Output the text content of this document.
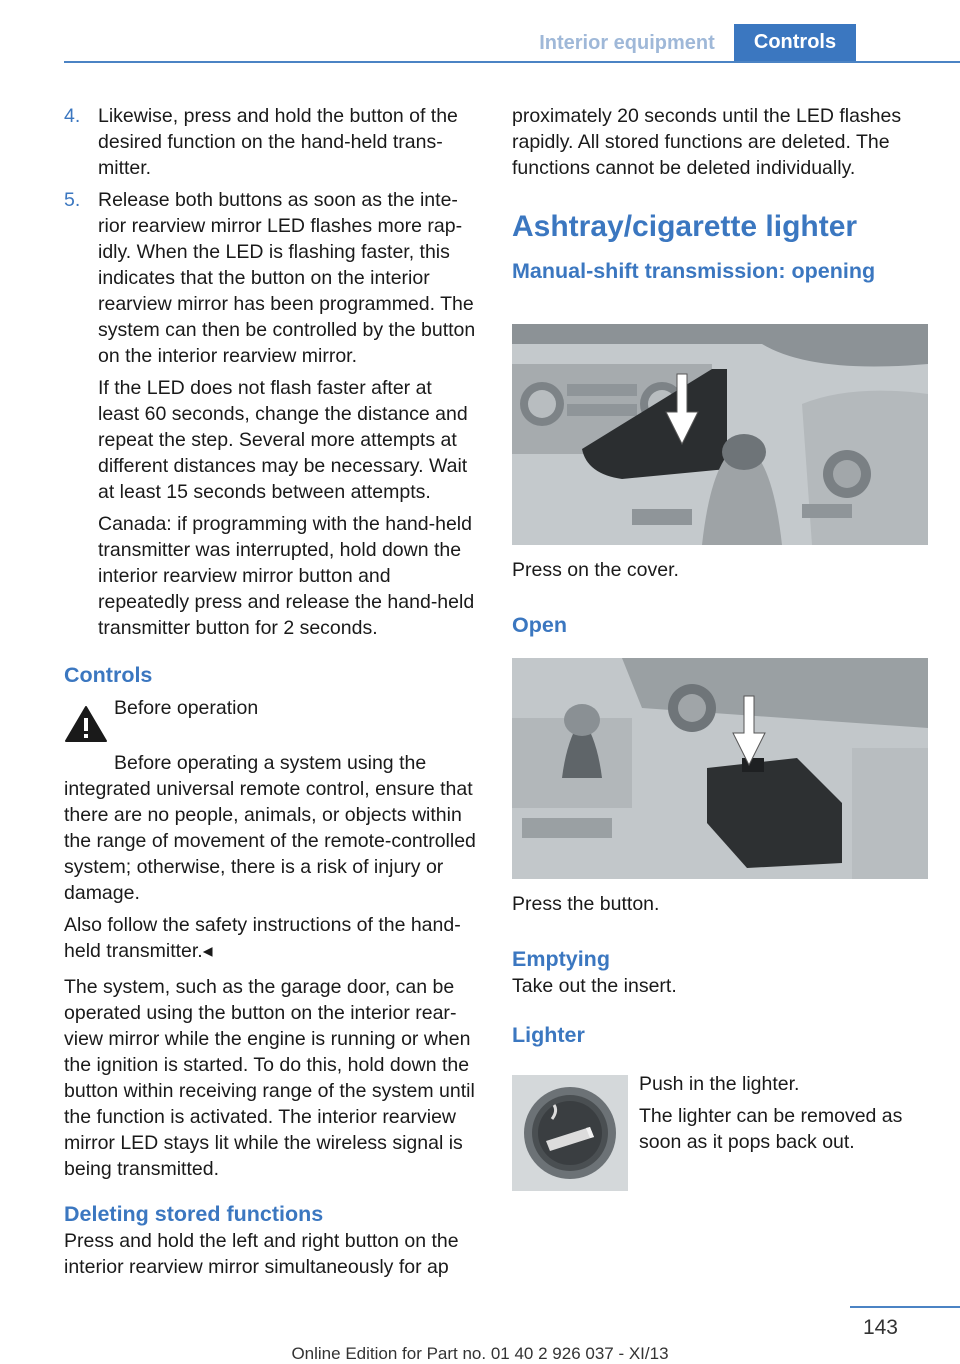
Interior equipment	Controls
4. Likewise, press and hold the button of the desired function on the hand-held transmitter.
5. Release both buttons as soon as the interior rearview mirror LED flashes more rapidly. When the LED is flashing faster, this indicates that the button on the interior rearview mirror has been programmed. The system can then be controlled by the button on the interior rearview mirror.

If the LED does not flash faster after at least 60 seconds, change the distance and repeat the step. Several more attempts at different distances may be necessary. Wait at least 15 seconds between attempts.

Canada: if programming with the hand-held transmitter was interrupted, hold down the interior rearview mirror button and repeatedly press and release the hand-held transmitter button for 2 seconds.

Controls

Before operation

Before operating a system using the integrated universal remote control, ensure that there are no people, animals, or objects within the range of movement of the remote-controlled system; otherwise, there is a risk of injury or damage.

Also follow the safety instructions of the hand-held transmitter.◂

The system, such as the garage door, can be operated using the button on the interior rearview mirror while the engine is running or when the ignition is started. To do this, hold down the button within receiving range of the system until the function is activated. The interior rearview mirror LED stays lit while the wireless signal is being transmitted.

Deleting stored functions

Press and hold the left and right button on the interior rearview mirror simultaneously for ap

proximately 20 seconds until the LED flashes rapidly. All stored functions are deleted. The functions cannot be deleted individually.

Ashtray/cigarette lighter
Manual-shift transmission: opening

Press on the cover.

Open

Press the button.

Emptying

Take out the insert.

Lighter

Push in the lighter.

The lighter can be removed as soon as it pops back out.

143
Online Edition for Part no. 01 40 2 926 037 - XI/13
